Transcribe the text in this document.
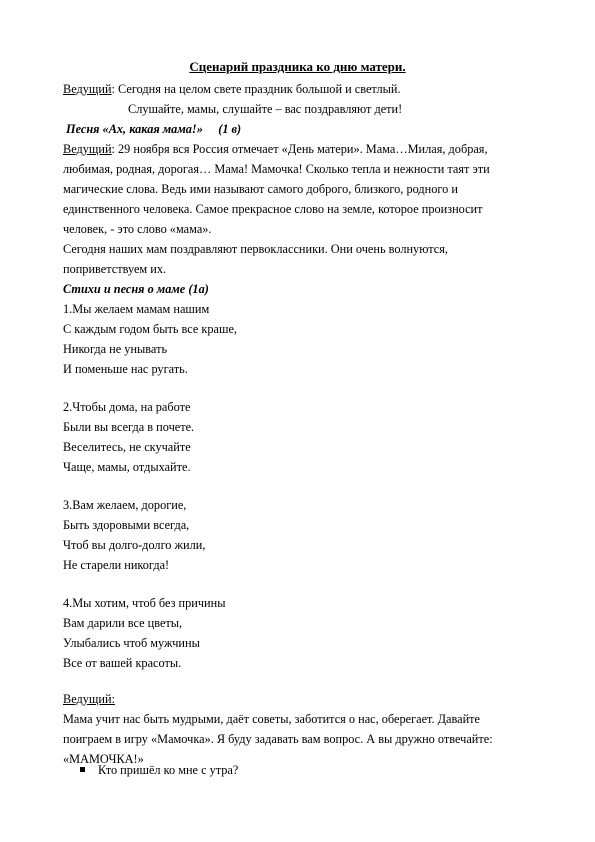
Сценарий праздника ко дню матери.
Ведущий: Сегодня на целом свете праздник большой и светлый.
Слушайте, мамы, слушайте – вас поздравляют дети!
Песня «Ах, какая мама!» (1 в)
Ведущий: 29 ноября вся Россия отмечает «День матери». Мама…Милая, добрая,
любимая, родная, дорогая… Мама! Мамочка! Сколько тепла и нежности таят эти
магические слова. Ведь ими называют самого доброго, близкого, родного и
единственного человека. Самое прекрасное слово на земле, которое произносит
человек, - это слово «мама».
Сегодня наших мам поздравляют первоклассники. Они очень волнуются,
поприветствуем их.
Стихи и песня о маме (1а)
1.Мы желаем мамам нашим
С каждым годом быть все краше,
Никогда не унывать
И поменьше нас ругать.
2.Чтобы дома, на работе
Были вы всегда в почете.
Веселитесь, не скучайте
Чаще, мамы, отдыхайте.
3.Вам желаем, дорогие,
Быть здоровыми всегда,
Чтоб вы долго-долго жили,
Не старели никогда!
4.Мы хотим, чтоб без причины
Вам дарили все цветы,
Улыбались чтоб мужчины
Все от вашей красоты.
Ведущий:
Мама учит нас быть мудрыми, даёт советы, заботится о нас, оберегает. Давайте
поиграем в игру «Мамочка». Я буду задавать вам вопрос. А вы дружно отвечайте:
«МАМОЧКА!»
Кто пришёл ко мне с утра?
